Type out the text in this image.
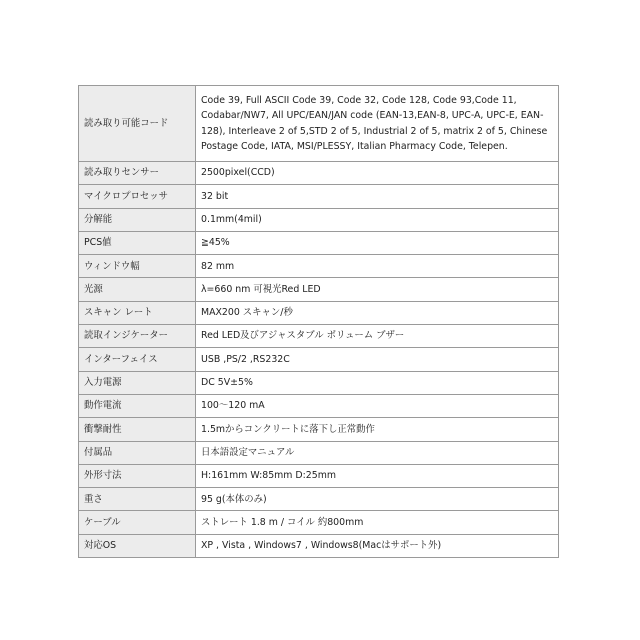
読み取り可能コード	Code 39, Full ASCII Code 39, Code 32, Code 128, Code 93,Code 11, Codabar/NW7, All UPC/EAN/JAN code (EAN-13,EAN-8, UPC-A, UPC-E, EAN-128), Interleave 2 of 5,STD 2 of 5, Industrial 2 of 5, matrix 2 of 5, Chinese Postage Code, IATA, MSI/PLESSY, Italian Pharmacy Code, Telepen.
読み取りセンサー	2500pixel(CCD)
マイクロプロセッサ	32 bit
分解能	0.1mm(4mil)
PCS値	≧45%
ウィンドウ幅	82 mm
光源	λ=660 nm 可視光Red LED
スキャン レート	MAX200 スキャン/秒
読取インジケーター	Red LED及びアジャスタブル ボリューム ブザー
インターフェイス	USB ,PS/2 ,RS232C
入力電源	DC 5V±5%
動作電流	100～120 mA
衝撃耐性	1.5mからコンクリートに落下し正常動作
付属品	日本語設定マニュアル
外形寸法	H:161mm W:85mm D:25mm
重さ	95 g(本体のみ)
ケーブル	ストレート 1.8 m / コイル 約800mm
対応OS	XP , Vista , Windows7 , Windows8(Macはサポート外)
